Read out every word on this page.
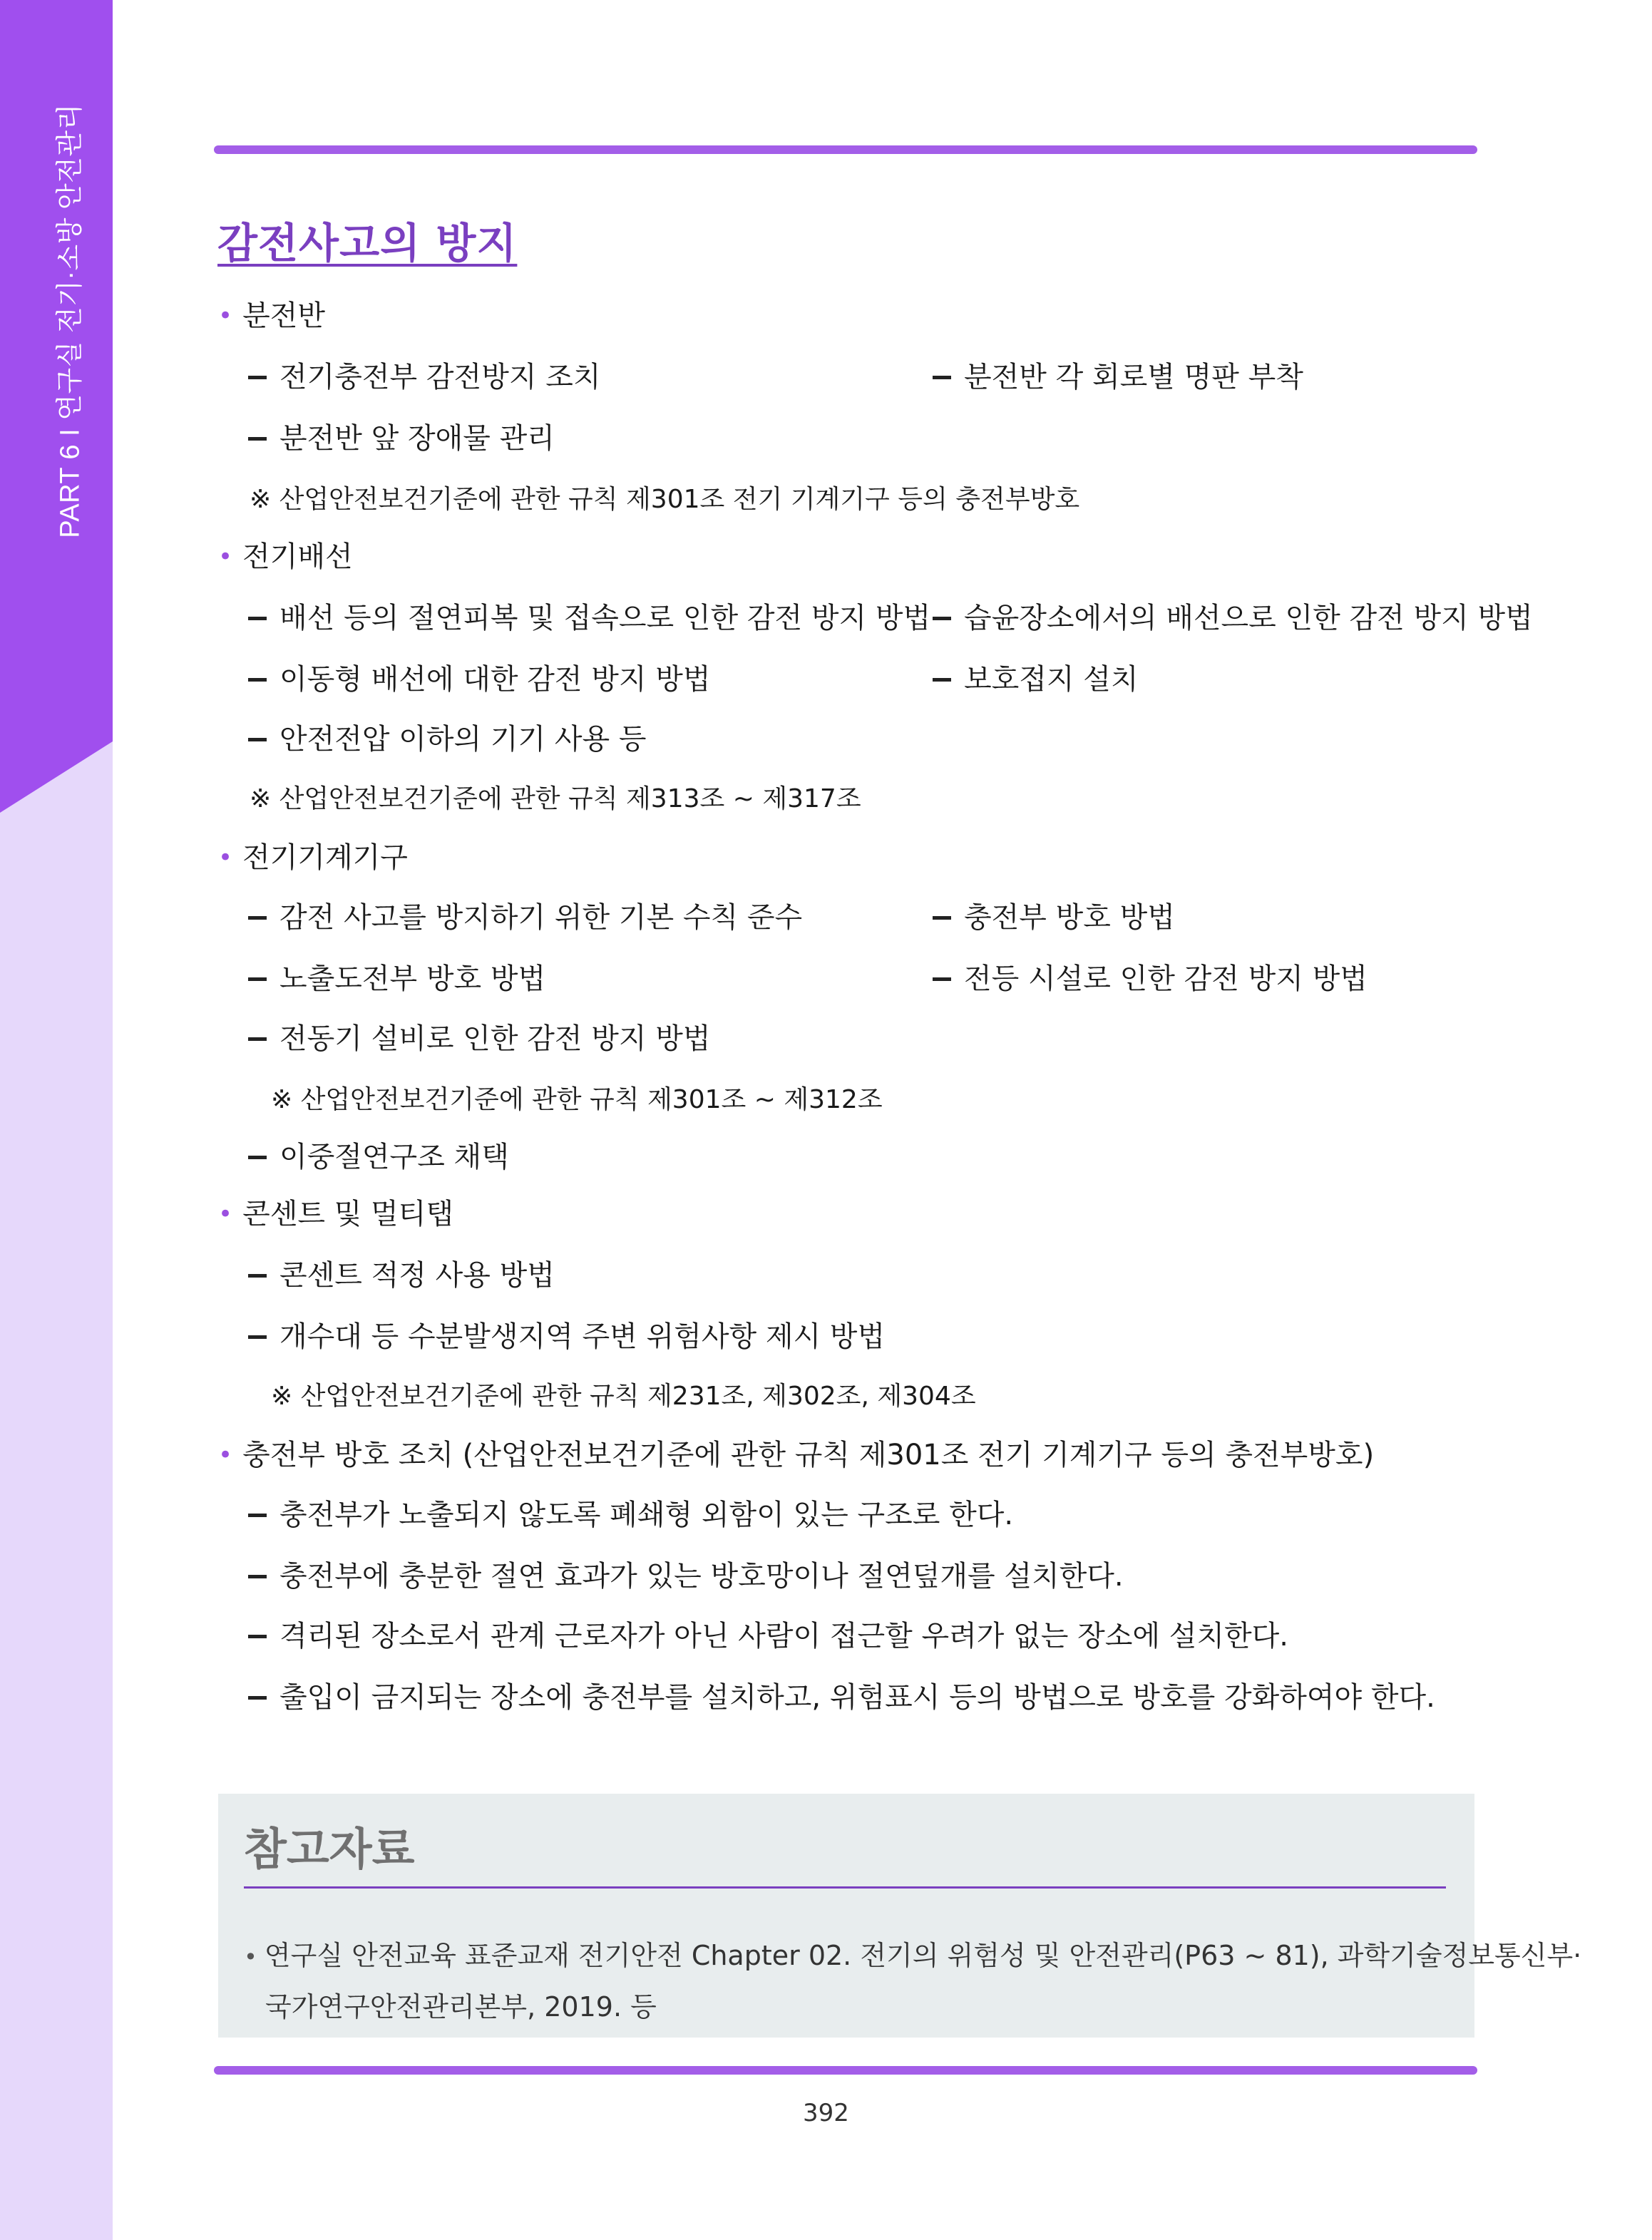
PART 6 I 연구실 전기·소방 안전관리	감전사고의 방지
• 분전반
전기충전부 감전방지 조치	분전반 각 회로별 명판 부착
분전반 앞 장애물 관리
※ 산업안전보건기준에 관한 규칙 제301조 전기 기계기구 등의 충전부방호
• 전기배선
배선 등의 절연피복 및 접속으로 인한 감전 방지 방법 습윤장소에서의 배선으로 인한 감전 방지 방법
이동형 배선에 대한 감전 방지 방법	보호접지 설치
안전전압 이하의 기기 사용 등
※ 산업안전보건기준에 관한 규칙 제313조 ~ 제317조
• 전기기계기구
감전 사고를 방지하기 위한 기본 수칙 준수	충전부 방호 방법
노출도전부 방호 방법	전등 시설로 인한 감전 방지 방법
전동기 설비로 인한 감전 방지 방법
※ 산업안전보건기준에 관한 규칙 제301조 ~ 제312조
이중절연구조 채택
• 콘센트 및 멀티탭
콘센트 적정 사용 방법
개수대 등 수분발생지역 주변 위험사항 제시 방법
※ 산업안전보건기준에 관한 규칙 제231조, 제302조, 제304조
• 충전부 방호 조치 (산업안전보건기준에 관한 규칙 제301조 전기 기계기구 등의 충전부방호)
충전부가 노출되지 않도록 폐쇄형 외함이 있는 구조로 한다.
충전부에 충분한 절연 효과가 있는 방호망이나 절연덮개를 설치한다.
격리된 장소로서 관계 근로자가 아닌 사람이 접근할 우려가 없는 장소에 설치한다.
출입이 금지되는 장소에 충전부를 설치하고, 위험표시 등의 방법으로 방호를 강화하여야 한다.
참고자료
• 연구실 안전교육 표준교재 전기안전 Chapter 02. 전기의 위험성 및 안전관리(P63 ~ 81), 과학기술정보통신부·
국가연구안전관리본부, 2019. 등
392
